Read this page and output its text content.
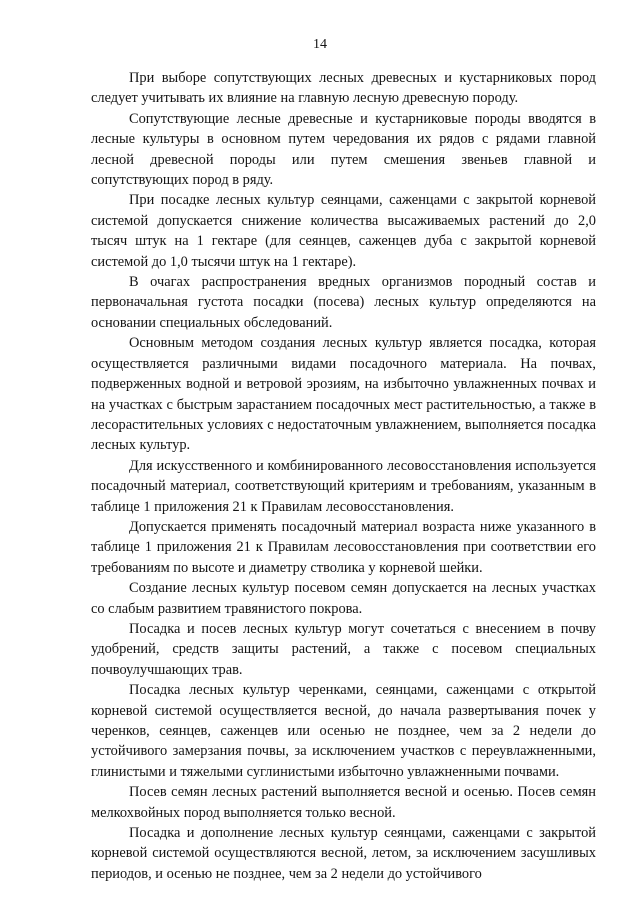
14

При выборе сопутствующих лесных древесных и кустарниковых пород следует учитывать их влияние на главную лесную древесную породу.

Сопутствующие лесные древесные и кустарниковые породы вводятся в лесные культуры в основном путем чередования их рядов с рядами главной лесной древесной породы или путем смешения звеньев главной и сопутствующих пород в ряду.

При посадке лесных культур сеянцами, саженцами с закрытой корневой системой допускается снижение количества высаживаемых растений до 2,0 тысяч штук на 1 гектаре (для сеянцев, саженцев дуба с закрытой корневой системой до 1,0 тысячи штук на 1 гектаре).

В очагах распространения вредных организмов породный состав и первоначальная густота посадки (посева) лесных культур определяются на основании специальных обследований.

Основным методом создания лесных культур является посадка, которая осуществляется различными видами посадочного материала. На почвах, подверженных водной и ветровой эрозиям, на избыточно увлажненных почвах и на участках с быстрым зарастанием посадочных мест растительностью, а также в лесорастительных условиях с недостаточным увлажнением, выполняется посадка лесных культур.

Для искусственного и комбинированного лесовосстановления используется посадочный материал, соответствующий критериям и требованиям, указанным в таблице 1 приложения 21 к Правилам лесовосстановления.

Допускается применять посадочный материал возраста ниже указанного в таблице 1 приложения 21 к Правилам лесовосстановления при соответствии его требованиям по высоте и диаметру стволика у корневой шейки.

Создание лесных культур посевом семян допускается на лесных участках со слабым развитием травянистого покрова.

Посадка и посев лесных культур могут сочетаться с внесением в почву удобрений, средств защиты растений, а также с посевом специальных почвоулучшающих трав.

Посадка лесных культур черенками, сеянцами, саженцами с открытой корневой системой осуществляется весной, до начала развертывания почек у черенков, сеянцев, саженцев или осенью не позднее, чем за 2 недели до устойчивого замерзания почвы, за исключением участков с переувлажненными, глинистыми и тяжелыми суглинистыми избыточно увлажненными почвами.

Посев семян лесных растений выполняется весной и осенью. Посев семян мелкохвойных пород выполняется только весной.

Посадка и дополнение лесных культур сеянцами, саженцами с закрытой корневой системой осуществляются весной, летом, за исключением засушливых периодов, и осенью не позднее, чем за 2 недели до устойчивого
